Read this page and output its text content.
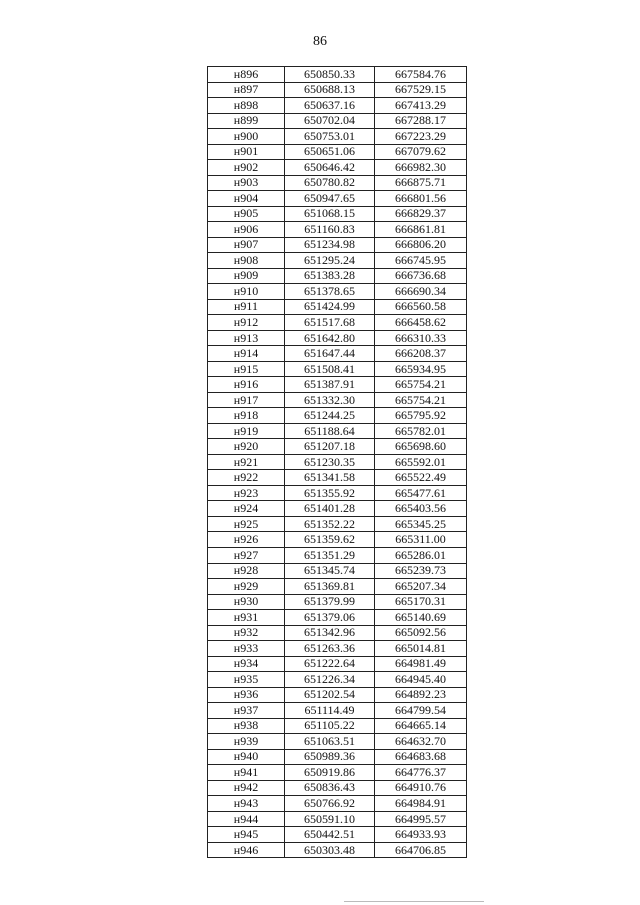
86
н896	650850.33	667584.76
н897	650688.13	667529.15
н898	650637.16	667413.29
н899	650702.04	667288.17
н900	650753.01	667223.29
н901	650651.06	667079.62
н902	650646.42	666982.30
н903	650780.82	666875.71
н904	650947.65	666801.56
н905	651068.15	666829.37
н906	651160.83	666861.81
н907	651234.98	666806.20
н908	651295.24	666745.95
н909	651383.28	666736.68
н910	651378.65	666690.34
н911	651424.99	666560.58
н912	651517.68	666458.62
н913	651642.80	666310.33
н914	651647.44	666208.37
н915	651508.41	665934.95
н916	651387.91	665754.21
н917	651332.30	665754.21
н918	651244.25	665795.92
н919	651188.64	665782.01
н920	651207.18	665698.60
н921	651230.35	665592.01
н922	651341.58	665522.49
н923	651355.92	665477.61
н924	651401.28	665403.56
н925	651352.22	665345.25
н926	651359.62	665311.00
н927	651351.29	665286.01
н928	651345.74	665239.73
н929	651369.81	665207.34
н930	651379.99	665170.31
н931	651379.06	665140.69
н932	651342.96	665092.56
н933	651263.36	665014.81
н934	651222.64	664981.49
н935	651226.34	664945.40
н936	651202.54	664892.23
н937	651114.49	664799.54
н938	651105.22	664665.14
н939	651063.51	664632.70
н940	650989.36	664683.68
н941	650919.86	664776.37
н942	650836.43	664910.76
н943	650766.92	664984.91
н944	650591.10	664995.57
н945	650442.51	664933.93
н946	650303.48	664706.85
